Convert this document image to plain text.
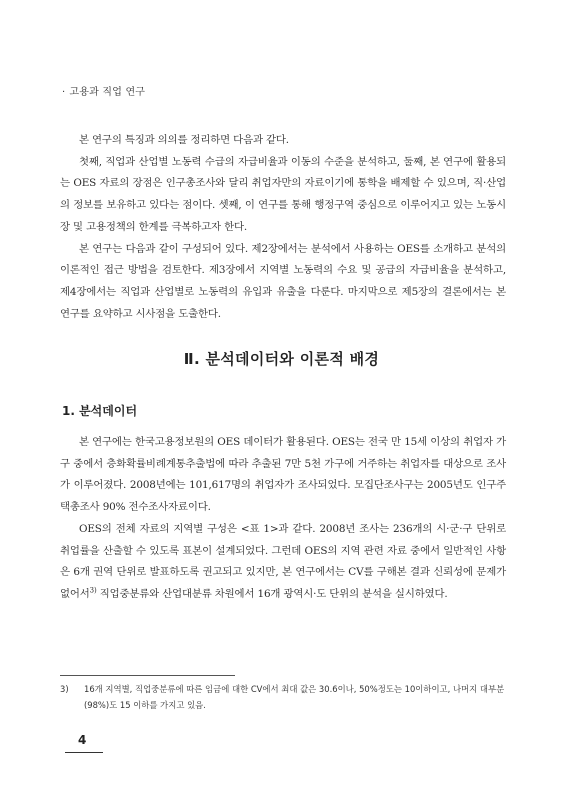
· 고용과 직업 연구

본 연구의 특징과 의의를 정리하면 다음과 같다.

첫째, 직업과 산업별 노동력 수급의 자급비율과 이동의 수준을 분석하고, 둘째, 본 연구에 활용되는 OES 자료의 장점은 인구총조사와 달리 취업자만의 자료이기에 통학을 배제할 수 있으며, 직·산업의 정보를 보유하고 있다는 점이다. 셋째, 이 연구를 통해 행정구역 중심으로 이루어지고 있는 노동시장 및 고용정책의 한계를 극복하고자 한다.

본 연구는 다음과 같이 구성되어 있다. 제2장에서는 분석에서 사용하는 OES를 소개하고 분석의 이론적인 접근 방법을 검토한다. 제3장에서 지역별 노동력의 수요 및 공급의 자급비율을 분석하고, 제4장에서는 직업과 산업별로 노동력의 유입과 유출을 다룬다. 마지막으로 제5장의 결론에서는 본 연구를 요약하고 시사점을 도출한다.

Ⅱ. 분석데이터와 이론적 배경
1. 분석데이터

본 연구에는 한국고용정보원의 OES 데이터가 활용된다. OES는 전국 만 15세 이상의 취업자 가구 중에서 층화확률비례계통추출법에 따라 추출된 7만 5천 가구에 거주하는 취업자를 대상으로 조사가 이루어졌다. 2008년에는 101,617명의 취업자가 조사되었다. 모집단조사구는 2005년도 인구주택총조사 90% 전수조사자료이다.

OES의 전체 자료의 지역별 구성은 <표 1>과 같다. 2008년 조사는 236개의 시·군·구 단위로 취업률을 산출할 수 있도록 표본이 설계되었다. 그런데 OES의 지역 관련 자료 중에서 일반적인 사항은 6개 권역 단위로 발표하도록 권고되고 있지만, 본 연구에서는 CV를 구해본 결과 신뢰성에 문제가 없어서$^{3)}$ 직업중분류와 산업대분류 차원에서 16개 광역시·도 단위의 분석을 실시하였다.

3)	16개 지역별, 직업중분류에 따른 임금에 대한 CV에서 최대 값은 30.6이나, 50%정도는 10이하이고, 나머지 대부분(98%)도 15 이하를 가지고 있음.
4
